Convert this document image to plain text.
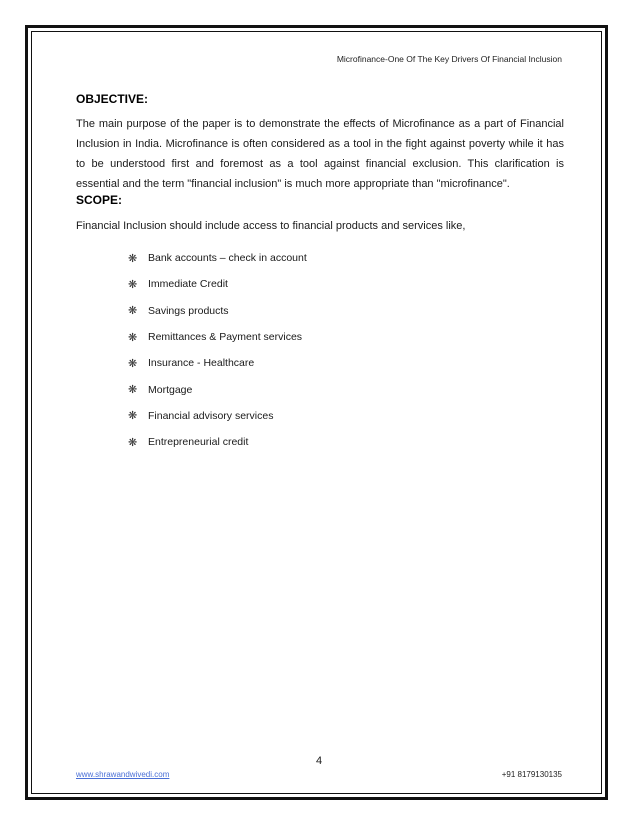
Microfinance-One Of The Key Drivers Of Financial Inclusion
OBJECTIVE:

The main purpose of the paper is to demonstrate the effects of Microfinance as a part of Financial Inclusion in India. Microfinance is often considered as a tool in the fight against poverty while it has to be understood first and foremost as a tool against financial exclusion. This clarification is essential and the term "financial inclusion" is much more appropriate than "microfinance".

SCOPE:
Financial Inclusion should include access to financial products and services like,
❋	Bank accounts – check in account
❋	Immediate Credit
❋	Savings products
❋	Remittances & Payment services
❋	Insurance - Healthcare
❋	Mortgage
❋	Financial advisory services
❋	Entrepreneurial credit
4
www.shrawandwivedi.com	+91 8179130135
